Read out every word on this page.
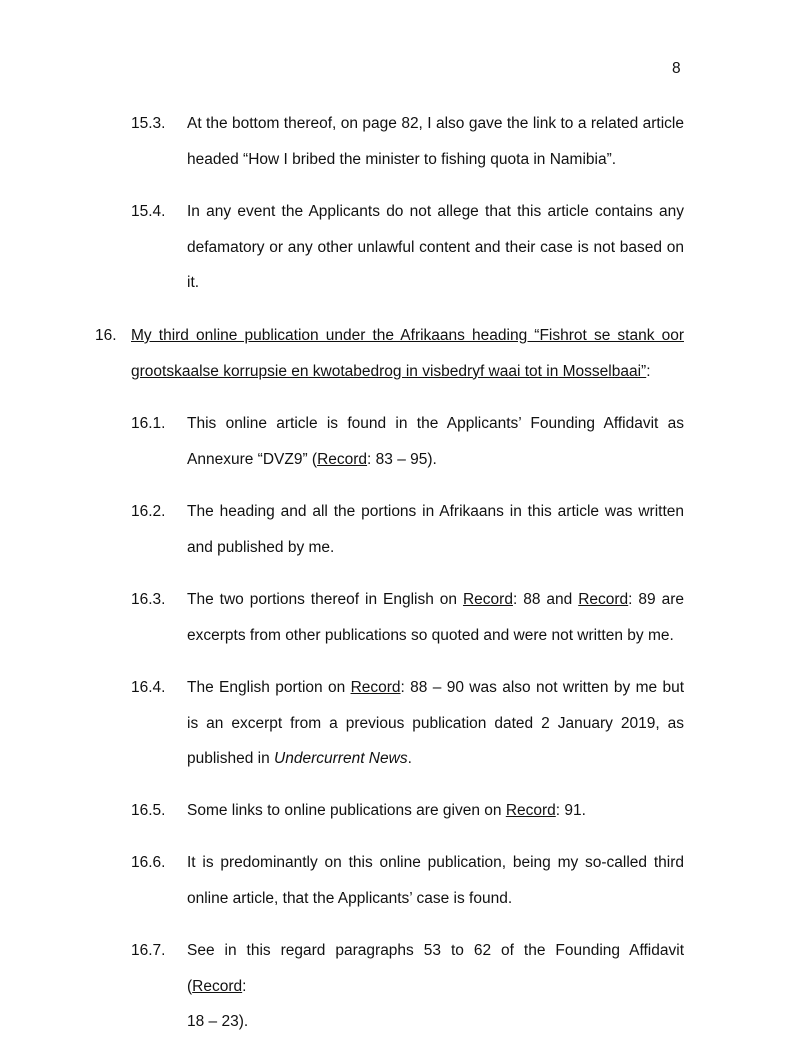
8
15.3. At the bottom thereof, on page 82, I also gave the link to a related article
headed “How I bribed the minister to fishing quota in Namibia”.
15.4. In any event the Applicants do not allege that this article contains any
defamatory or any other unlawful content and their case is not based on
it.
16. My third online publication under the Afrikaans heading “Fishrot se stank oor
grootskaalse korrupsie en kwotabedrog in visbedryf waai tot in Mosselbaai”:
16.1. This online article is found in the Applicants’ Founding Affidavit as
Annexure “DVZ9” (Record: 83 – 95).
16.2. The heading and all the portions in Afrikaans in this article was written
and published by me.
16.3. The two portions thereof in English on Record: 88 and Record: 89 are
excerpts from other publications so quoted and were not written by me.
16.4. The English portion on Record: 88 – 90 was also not written by me but
is an excerpt from a previous publication dated 2 January 2019, as
published in Undercurrent News.
16.5. Some links to online publications are given on Record: 91.
16.6. It is predominantly on this online publication, being my so-called third
online article, that the Applicants’ case is found.
16.7. See in this regard paragraphs 53 to 62 of the Founding Affidavit (Record:
18 – 23).
